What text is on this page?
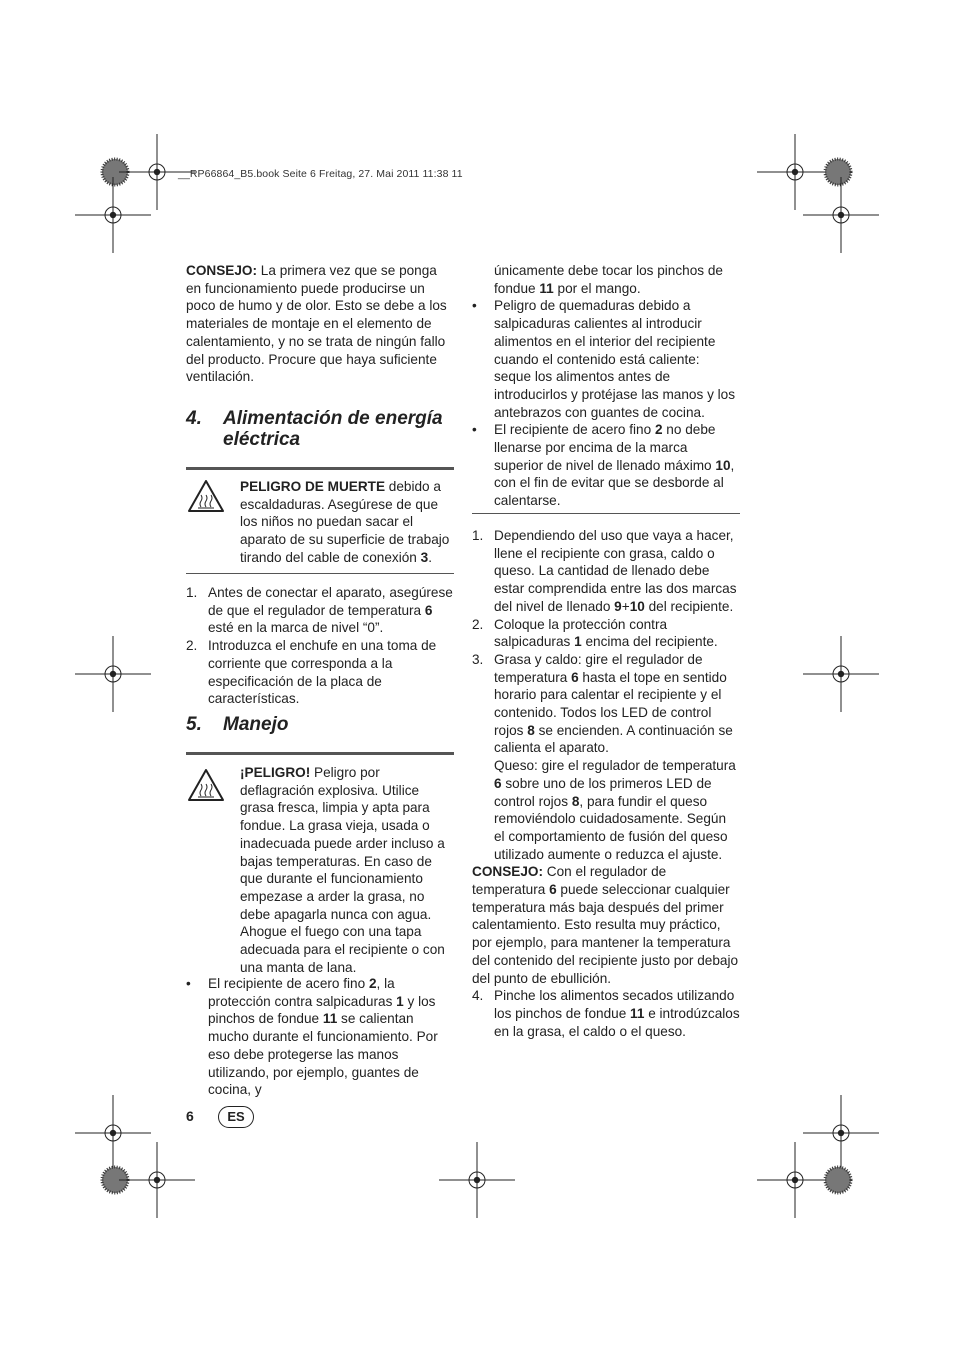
__RP66864_B5.book Seite 6 Freitag, 27. Mai 2011 11:38 11

CONSEJO: La primera vez que se ponga en funcionamiento puede producirse un poco de humo y de olor. Esto se debe a los materiales de montaje en el elemento de calentamiento, y no se trata de ningún fallo del producto. Procure que haya suficiente ventilación.

4. Alimentación de energía eléctrica

PELIGRO DE MUERTE debido a escaldaduras. Asegúrese de que los niños no puedan sacar el aparato de su superficie de trabajo tirando del cable de conexión 3.

1. Antes de conectar el aparato, asegúrese de que el regulador de temperatura 6 esté en la marca de nivel “0”.
2. Introduzca el enchufe en una toma de corriente que corresponda a la especificación de la placa de características.
5. Manejo

¡PELIGRO! Peligro por deflagración explosiva. Utilice grasa fresca, limpia y apta para fondue. La grasa vieja, usada o inadecuada puede arder incluso a bajas temperaturas. En caso de que durante el funcionamiento empezase a arder la grasa, no debe apagarla nunca con agua. Ahogue el fuego con una tapa adecuada para el recipiente o con una manta de lana.

• El recipiente de acero fino 2, la protección contra salpicaduras 1 y los pinchos de fondue 11 se calientan mucho durante el funcionamiento. Por eso debe protegerse las manos utilizando, por ejemplo, guantes de cocina, y

únicamente debe tocar los pinchos de fondue 11 por el mango.

• Peligro de quemaduras debido a salpicaduras calientes al introducir alimentos en el interior del recipiente cuando el contenido está caliente: seque los alimentos antes de introducirlos y protéjase las manos y los antebrazos con guantes de cocina.
• El recipiente de acero fino 2 no debe llenarse por encima de la marca superior de nivel de llenado máximo 10, con el fin de evitar que se desborde al calentarse.
1. Dependiendo del uso que vaya a hacer, llene el recipiente con grasa, caldo o queso. La cantidad de llenado debe estar comprendida entre las dos marcas del nivel de llenado 9+10 del recipiente.
2. Coloque la protección contra salpicaduras 1 encima del recipiente.
3. Grasa y caldo: gire el regulador de temperatura 6 hasta el tope en sentido horario para calentar el recipiente y el contenido. Todos los LED de control rojos 8 se encienden. A continuación se calienta el aparato.

Queso: gire el regulador de temperatura 6 sobre uno de los primeros LED de control rojos 8, para fundir el queso removiéndolo cuidadosamente. Según el comportamiento de fusión del queso utilizado aumente o reduzca el ajuste.

CONSEJO: Con el regulador de temperatura 6 puede seleccionar cualquier temperatura más baja después del primer calentamiento. Esto resulta muy práctico, por ejemplo, para mantener la temperatura del contenido del recipiente justo por debajo del punto de ebullición.

4. Pinche los alimentos secados utilizando los pinchos de fondue 11 e introdúzcalos en la grasa, el caldo o el queso.
6	ES
